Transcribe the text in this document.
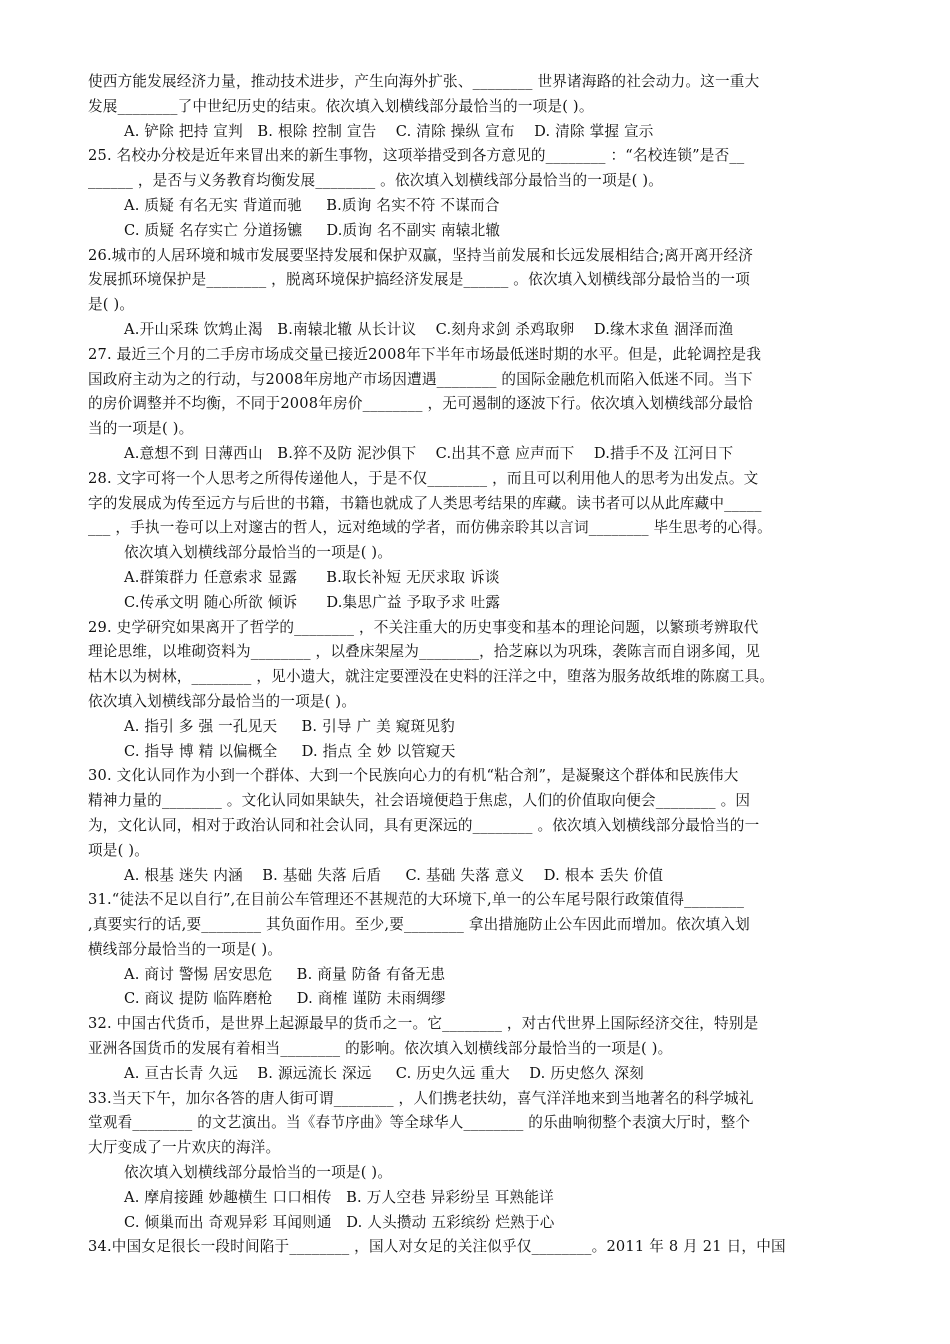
使西方能发展经济力量，推动技术进步，产生向海外扩张、________ 世界诸海路的社会动力。这一重大
发展________了中世纪历史的结束。依次填入划横线部分最恰当的一项是( )。
A. 铲除 把持 宣判   B. 根除 控制 宣告    C. 清除 操纵 宣布    D. 清除 掌握 宣示
25. 名校办分校是近年来冒出来的新生事物，这项举措受到各方意见的________ ：“名校连锁”是否__
______ ，是否与义务教育均衡发展________ 。依次填入划横线部分最恰当的一项是( )。
A. 质疑 有名无实 背道而驰     B.质询 名实不符 不谋而合
C. 质疑 名存实亡 分道扬镳     D.质询 名不副实 南辕北辙
26.城市的人居环境和城市发展要坚持发展和保护双赢，坚持当前发展和长远发展相结合;离开离开经济
发展抓环境保护是________ ，脱离环境保护搞经济发展是______ 。依次填入划横线部分最恰当的一项
是( )。
A.开山采珠 饮鸩止渴   B.南辕北辙 从长计议    C.刻舟求剑 杀鸡取卵    D.缘木求鱼 涸泽而渔
27. 最近三个月的二手房市场成交量已接近2008年下半年市场最低迷时期的水平。但是，此轮调控是我
国政府主动为之的行动，与2008年房地产市场因遭遇________ 的国际金融危机而陷入低迷不同。当下
的房价调整并不均衡，不同于2008年房价________ ，无可遏制的逐波下行。依次填入划横线部分最恰
当的一项是( )。
A.意想不到 日薄西山   B.猝不及防 泥沙俱下    C.出其不意 应声而下    D.措手不及 江河日下
28. 文字可将一个人思考之所得传递他人，于是不仅________ ，而且可以利用他人的思考为出发点。文
字的发展成为传至远方与后世的书籍，书籍也就成了人类思考结果的库藏。读书者可以从此库藏中_____
___ ，手执一卷可以上对邃古的哲人，远对绝域的学者，而仿佛亲聆其以言词________ 毕生思考的心得。
依次填入划横线部分最恰当的一项是( )。
A.群策群力 任意索求 显露      B.取长补短 无厌求取 诉谈
C.传承文明 随心所欲 倾诉      D.集思广益 予取予求 吐露
29. 史学研究如果离开了哲学的________ ，不关注重大的历史事变和基本的理论问题，以繁琐考辨取代
理论思维，以堆砌资料为________ ，以叠床架屋为________，拾芝麻以为巩珠，袭陈言而自诩多闻，见
枯木以为树林，________ ，见小遗大，就注定要湮没在史料的汪洋之中，堕落为服务故纸堆的陈腐工具。
依次填入划横线部分最恰当的一项是( )。
A. 指引 多 强 一孔见天     B. 引导 广 美 窥斑见豹
C. 指导 博 精 以偏概全     D. 指点 全 妙 以管窥天
30. 文化认同作为小到一个群体、大到一个民族向心力的有机“粘合剂”，是凝聚这个群体和民族伟大
精神力量的________ 。文化认同如果缺失，社会语境便趋于焦虑，人们的价值取向便会________ 。因
为，文化认同，相对于政治认同和社会认同，具有更深远的________ 。依次填入划横线部分最恰当的一
项是( )。
A. 根基 迷失 内涵    B. 基础 失落 后盾     C. 基础 失落 意义    D. 根本 丢失 价值
31.“徒法不足以自行”,在目前公车管理还不甚规范的大环境下,单一的公车尾号限行政策值得________
,真要实行的话,要________ 其负面作用。至少,要________ 拿出措施防止公车因此而增加。依次填入划
横线部分最恰当的一项是( )。
A. 商讨 警惕 居安思危     B. 商量 防备 有备无患
C. 商议 提防 临阵磨枪     D. 商榷 谨防 未雨绸缪
32. 中国古代货币，是世界上起源最早的货币之一。它________ ，对古代世界上国际经济交往，特别是
亚洲各国货币的发展有着相当________ 的影响。依次填入划横线部分最恰当的一项是( )。
A. 亘古长青 久远    B. 源远流长 深远     C. 历史久远 重大    D. 历史悠久 深刻
33.当天下午，加尔各答的唐人街可谓________ ，人们携老扶幼，喜气洋洋地来到当地著名的科学城礼
堂观看________ 的文艺演出。当《春节序曲》等全球华人________ 的乐曲响彻整个表演大厅时，整个
大厅变成了一片欢庆的海洋。
依次填入划横线部分最恰当的一项是( )。
A. 摩肩接踵 妙趣横生 口口相传   B. 万人空巷 异彩纷呈 耳熟能详
C. 倾巢而出 奇观异彩 耳闻则通   D. 人头攒动 五彩缤纷 烂熟于心
34.中国女足很长一段时间陷于________ ，国人对女足的关注似乎仅________。2011 年 8 月 21 日，中国
